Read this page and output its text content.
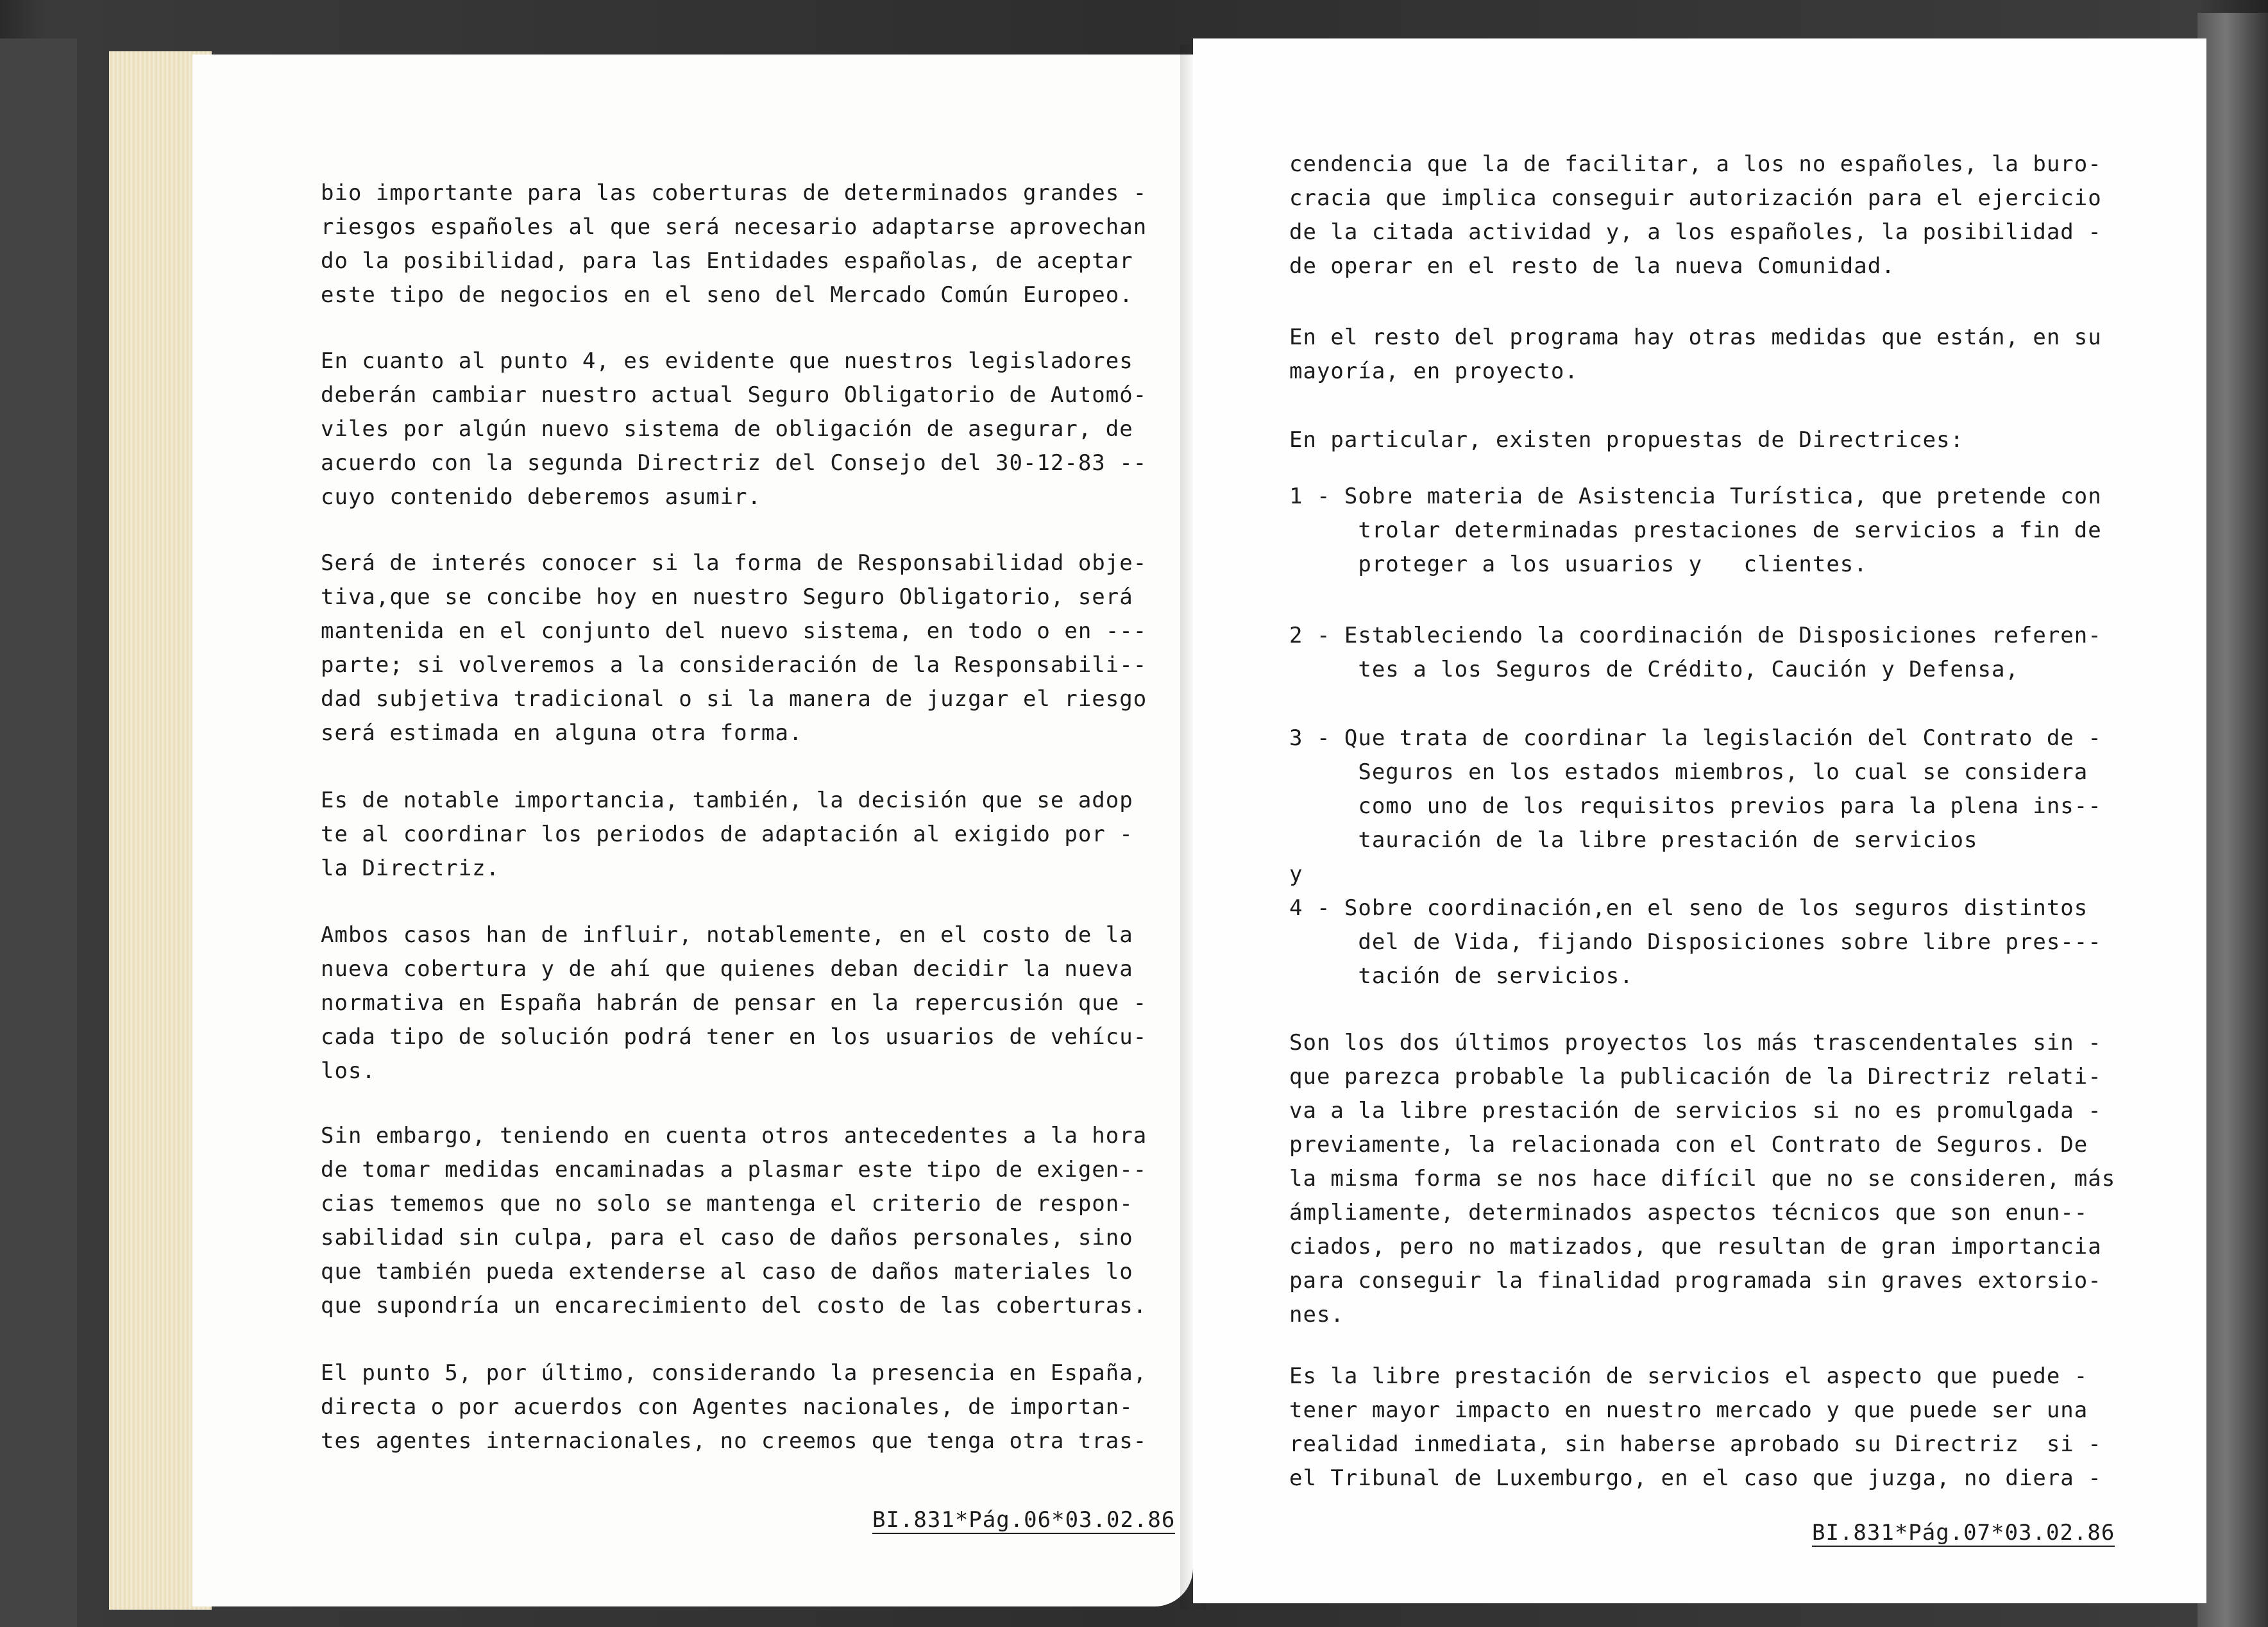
bio importante para las coberturas de determinados grandes -
riesgos españoles al que será necesario adaptarse aprovechan
do la posibilidad, para las Entidades españolas, de aceptar
este tipo de negocios en el seno del Mercado Común Europeo.
En cuanto al punto 4, es evidente que nuestros legisladores
deberán cambiar nuestro actual Seguro Obligatorio de Automó-
viles por algún nuevo sistema de obligación de asegurar, de
acuerdo con la segunda Directriz del Consejo del 30-12-83 --
cuyo contenido deberemos asumir.
Será de interés conocer si la forma de Responsabilidad obje-
tiva,que se concibe hoy en nuestro Seguro Obligatorio, será
mantenida en el conjunto del nuevo sistema, en todo o en ---
parte; si volveremos a la consideración de la Responsabili--
dad subjetiva tradicional o si la manera de juzgar el riesgo
será estimada en alguna otra forma.
Es de notable importancia, también, la decisión que se adop
te al coordinar los periodos de adaptación al exigido por -
la Directriz.
Ambos casos han de influir, notablemente, en el costo de la
nueva cobertura y de ahí que quienes deban decidir la nueva
normativa en España habrán de pensar en la repercusión que -
cada tipo de solución podrá tener en los usuarios de vehícu-
los.
Sin embargo, teniendo en cuenta otros antecedentes a la hora
de tomar medidas encaminadas a plasmar este tipo de exigen--
cias tememos que no solo se mantenga el criterio de respon-
sabilidad sin culpa, para el caso de daños personales, sino
que también pueda extenderse al caso de daños materiales lo
que supondría un encarecimiento del costo de las coberturas.
El punto 5, por último, considerando la presencia en España,
directa o por acuerdos con Agentes nacionales, de importan-
tes agentes internacionales, no creemos que tenga otra tras-
BI.831*Pág.06*03.02.86
cendencia que la de facilitar, a los no españoles, la buro-
cracia que implica conseguir autorización para el ejercicio
de la citada actividad y, a los españoles, la posibilidad -
de operar en el resto de la nueva Comunidad.
En el resto del programa hay otras medidas que están, en su
mayoría, en proyecto.
En particular, existen propuestas de Directrices:
1 - Sobre materia de Asistencia Turística, que pretende con
trolar determinadas prestaciones de servicios a fin de
proteger a los usuarios y   clientes.
2 - Estableciendo la coordinación de Disposiciones referen-
tes a los Seguros de Crédito, Caución y Defensa,
3 - Que trata de coordinar la legislación del Contrato de -
Seguros en los estados miembros, lo cual se considera
como uno de los requisitos previos para la plena ins--
tauración de la libre prestación de servicios
y
4 - Sobre coordinación,en el seno de los seguros distintos
del de Vida, fijando Disposiciones sobre libre pres---
tación de servicios.
Son los dos últimos proyectos los más trascendentales sin -
que parezca probable la publicación de la Directriz relati-
va a la libre prestación de servicios si no es promulgada -
previamente, la relacionada con el Contrato de Seguros. De
la misma forma se nos hace difícil que no se consideren, más
ámpliamente, determinados aspectos técnicos que son enun--
ciados, pero no matizados, que resultan de gran importancia
para conseguir la finalidad programada sin graves extorsio-
nes.
Es la libre prestación de servicios el aspecto que puede -
tener mayor impacto en nuestro mercado y que puede ser una
realidad inmediata, sin haberse aprobado su Directriz  si -
el Tribunal de Luxemburgo, en el caso que juzga, no diera -
BI.831*Pág.07*03.02.86
